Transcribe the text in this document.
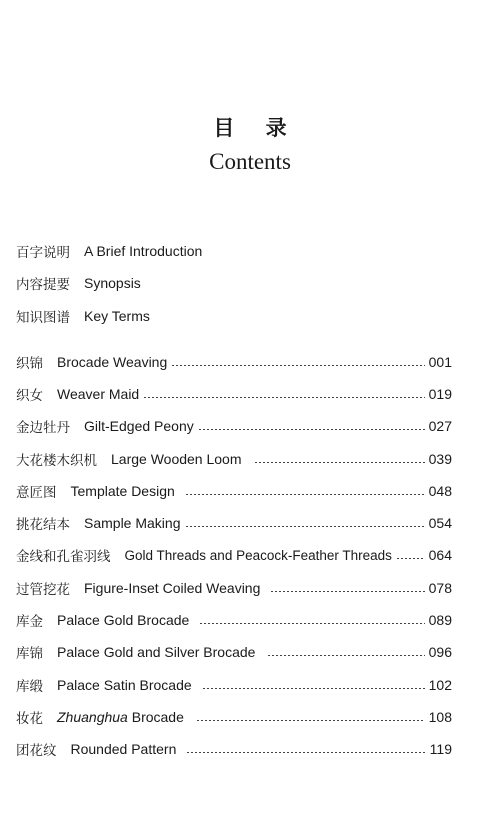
目 录
Contents
百字说明 A Brief Introduction
内容提要 Synopsis
知识图谱 Key Terms
织锦 Brocade Weaving	001
织女 Weaver Maid	019
金边牡丹 Gilt-Edged Peony	027
大花楼木织机 Large Wooden Loom	039
意匠图 Template Design	048
挑花结本 Sample Making	054
金线和孔雀羽线 Gold Threads and Peacock-Feather Threads	064
过管挖花 Figure-Inset Coiled Weaving	078
库金 Palace Gold Brocade	089
库锦 Palace Gold and Silver Brocade	096
库缎 Palace Satin Brocade	102
妆花 Zhuanghua Brocade	108
团花纹 Rounded Pattern	119
